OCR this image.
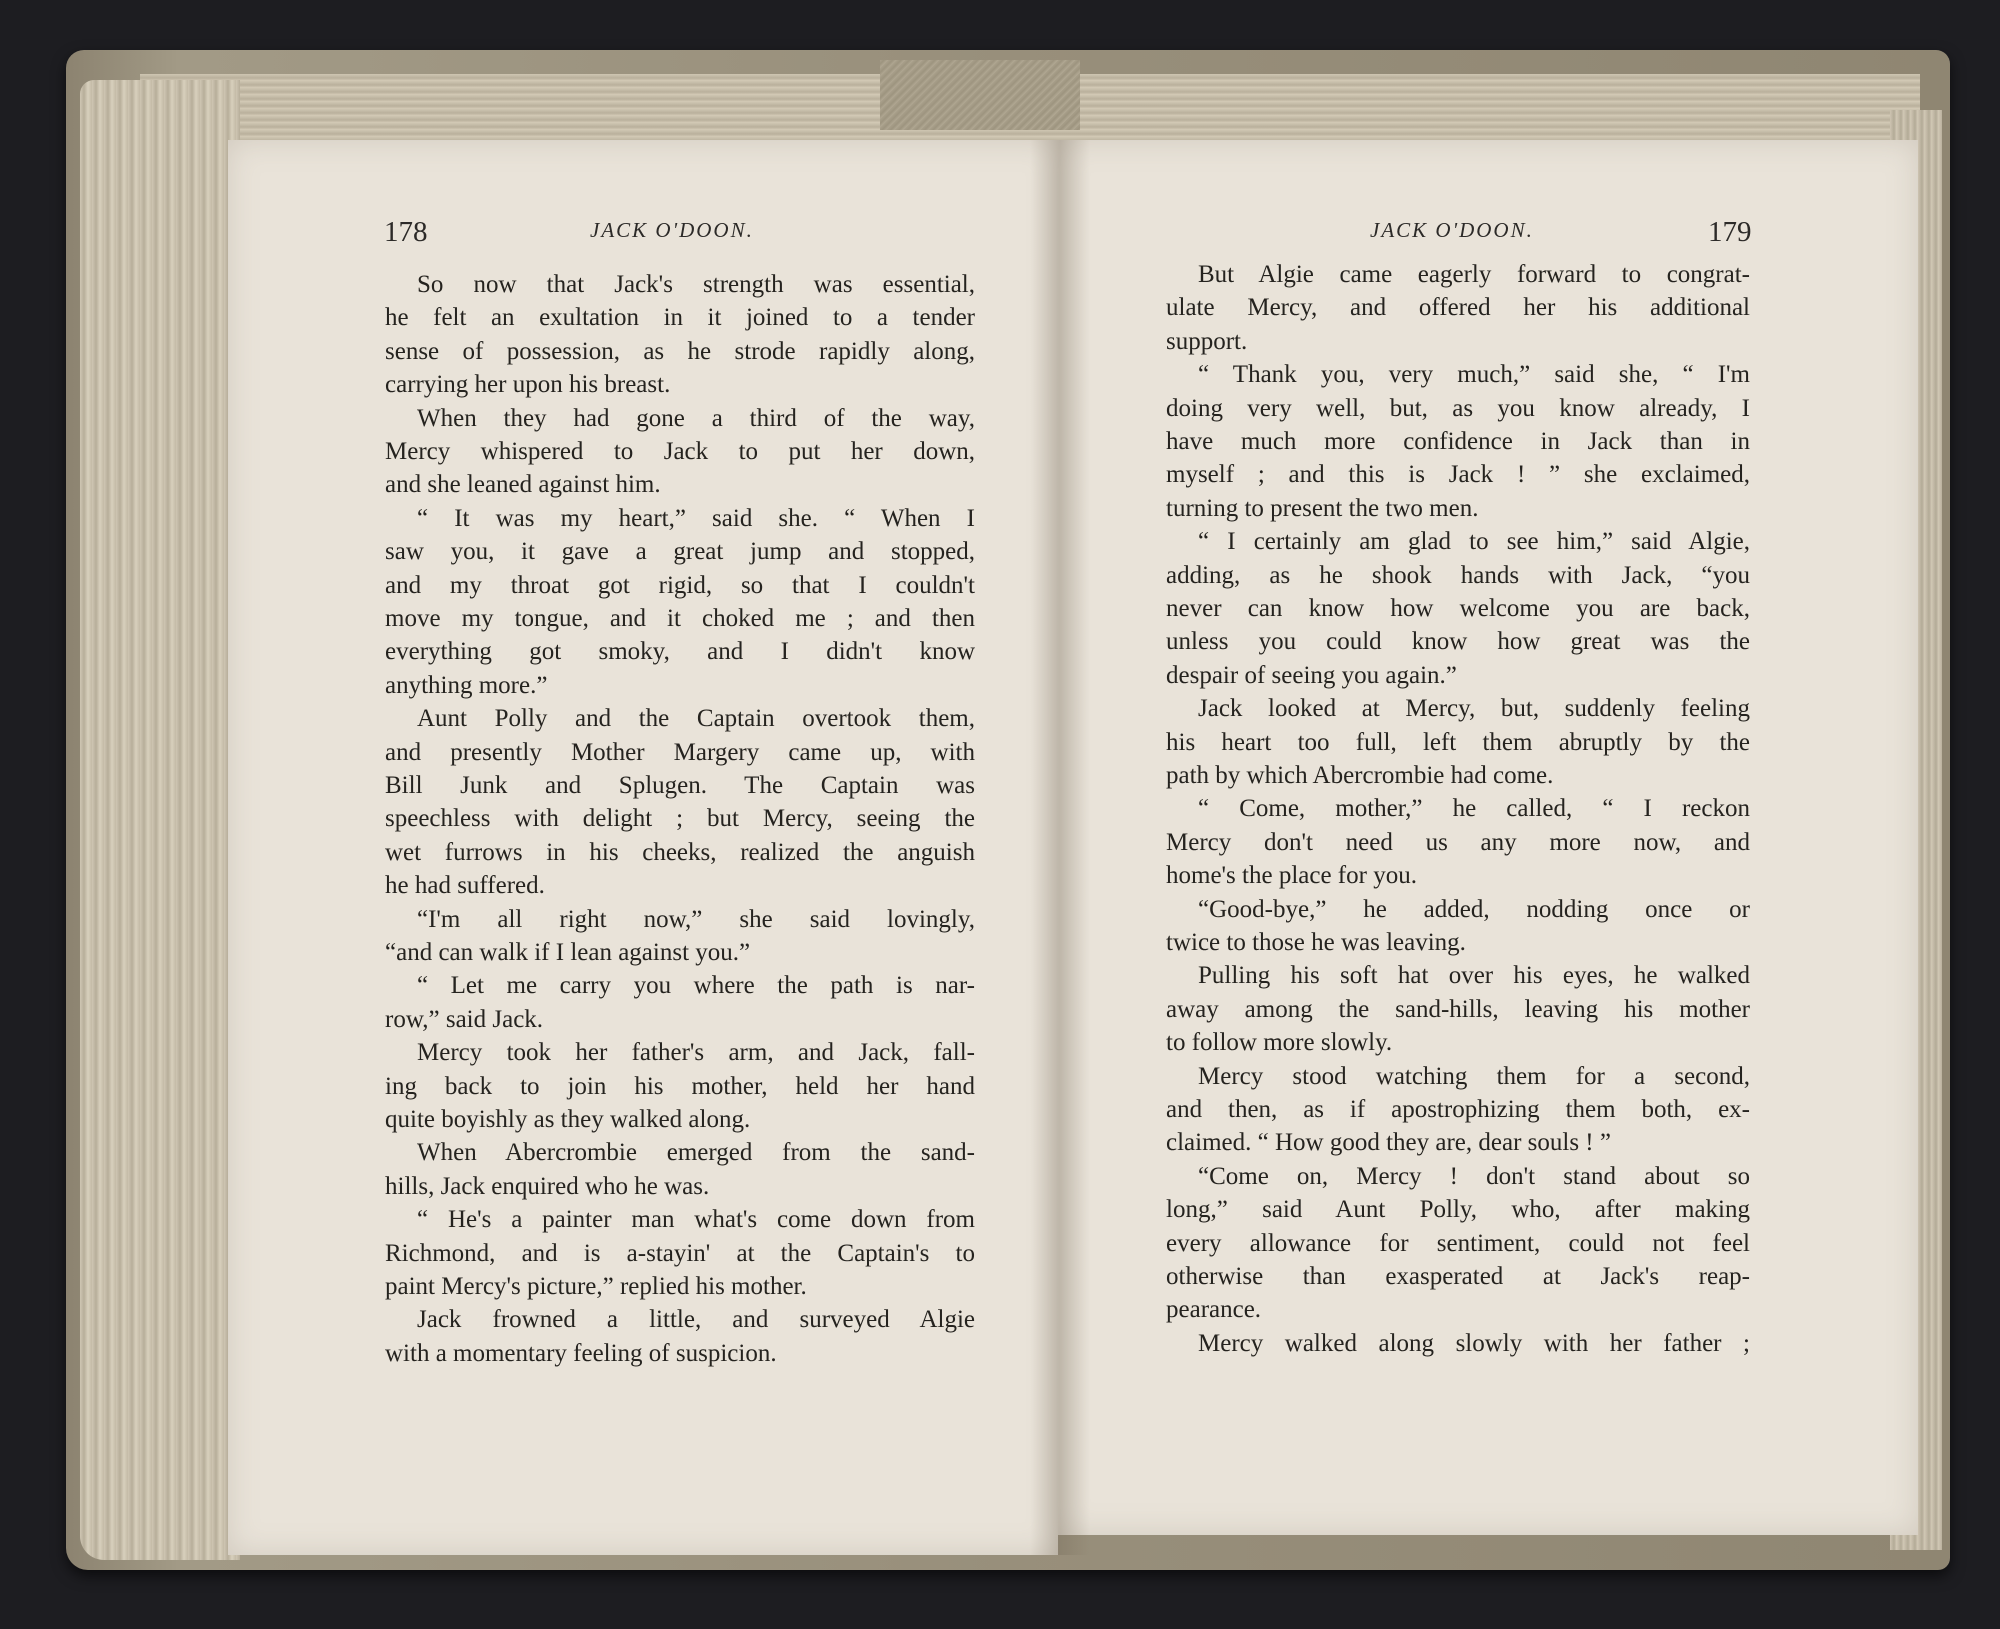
178	JACK O'DOON.	JACK O'DOON.	179
So now that Jack's strength was essential,
he felt an exultation in it joined to a tender
sense of possession, as he strode rapidly along,
carrying her upon his breast.
When they had gone a third of the way,
Mercy whispered to Jack to put her down,
and she leaned against him.
“ It was my heart,” said she. “ When I
saw you, it gave a great jump and stopped,
and my throat got rigid, so that I couldn't
move my tongue, and it choked me ; and then
everything got smoky, and I didn't know
anything more.”
Aunt Polly and the Captain overtook them,
and presently Mother Margery came up, with
Bill Junk and Splugen. The Captain was
speechless with delight ; but Mercy, seeing the
wet furrows in his cheeks, realized the anguish
he had suffered.
“I'm all right now,” she said lovingly,
“and can walk if I lean against you.”
“ Let me carry you where the path is nar-
row,” said Jack.
Mercy took her father's arm, and Jack, fall-
ing back to join his mother, held her hand
quite boyishly as they walked along.
When Abercrombie emerged from the sand-
hills, Jack enquired who he was.
“ He's a painter man what's come down from
Richmond, and is a-stayin' at the Captain's to
paint Mercy's picture,” replied his mother.
Jack frowned a little, and surveyed Algie
with a momentary feeling of suspicion.
But Algie came eagerly forward to congrat-
ulate Mercy, and offered her his additional
support.
“ Thank you, very much,” said she, “ I'm
doing very well, but, as you know already, I
have much more confidence in Jack than in
myself ; and this is Jack ! ” she exclaimed,
turning to present the two men.
“ I certainly am glad to see him,” said Algie,
adding, as he shook hands with Jack, “you
never can know how welcome you are back,
unless you could know how great was the
despair of seeing you again.”
Jack looked at Mercy, but, suddenly feeling
his heart too full, left them abruptly by the
path by which Abercrombie had come.
“ Come, mother,” he called, “ I reckon
Mercy don't need us any more now, and
home's the place for you.
“Good-bye,” he added, nodding once or
twice to those he was leaving.
Pulling his soft hat over his eyes, he walked
away among the sand-hills, leaving his mother
to follow more slowly.
Mercy stood watching them for a second,
and then, as if apostrophizing them both, ex-
claimed. “ How good they are, dear souls ! ”
“Come on, Mercy ! don't stand about so
long,” said Aunt Polly, who, after making
every allowance for sentiment, could not feel
otherwise than exasperated at Jack's reap-
pearance.
Mercy walked along slowly with her father ;
